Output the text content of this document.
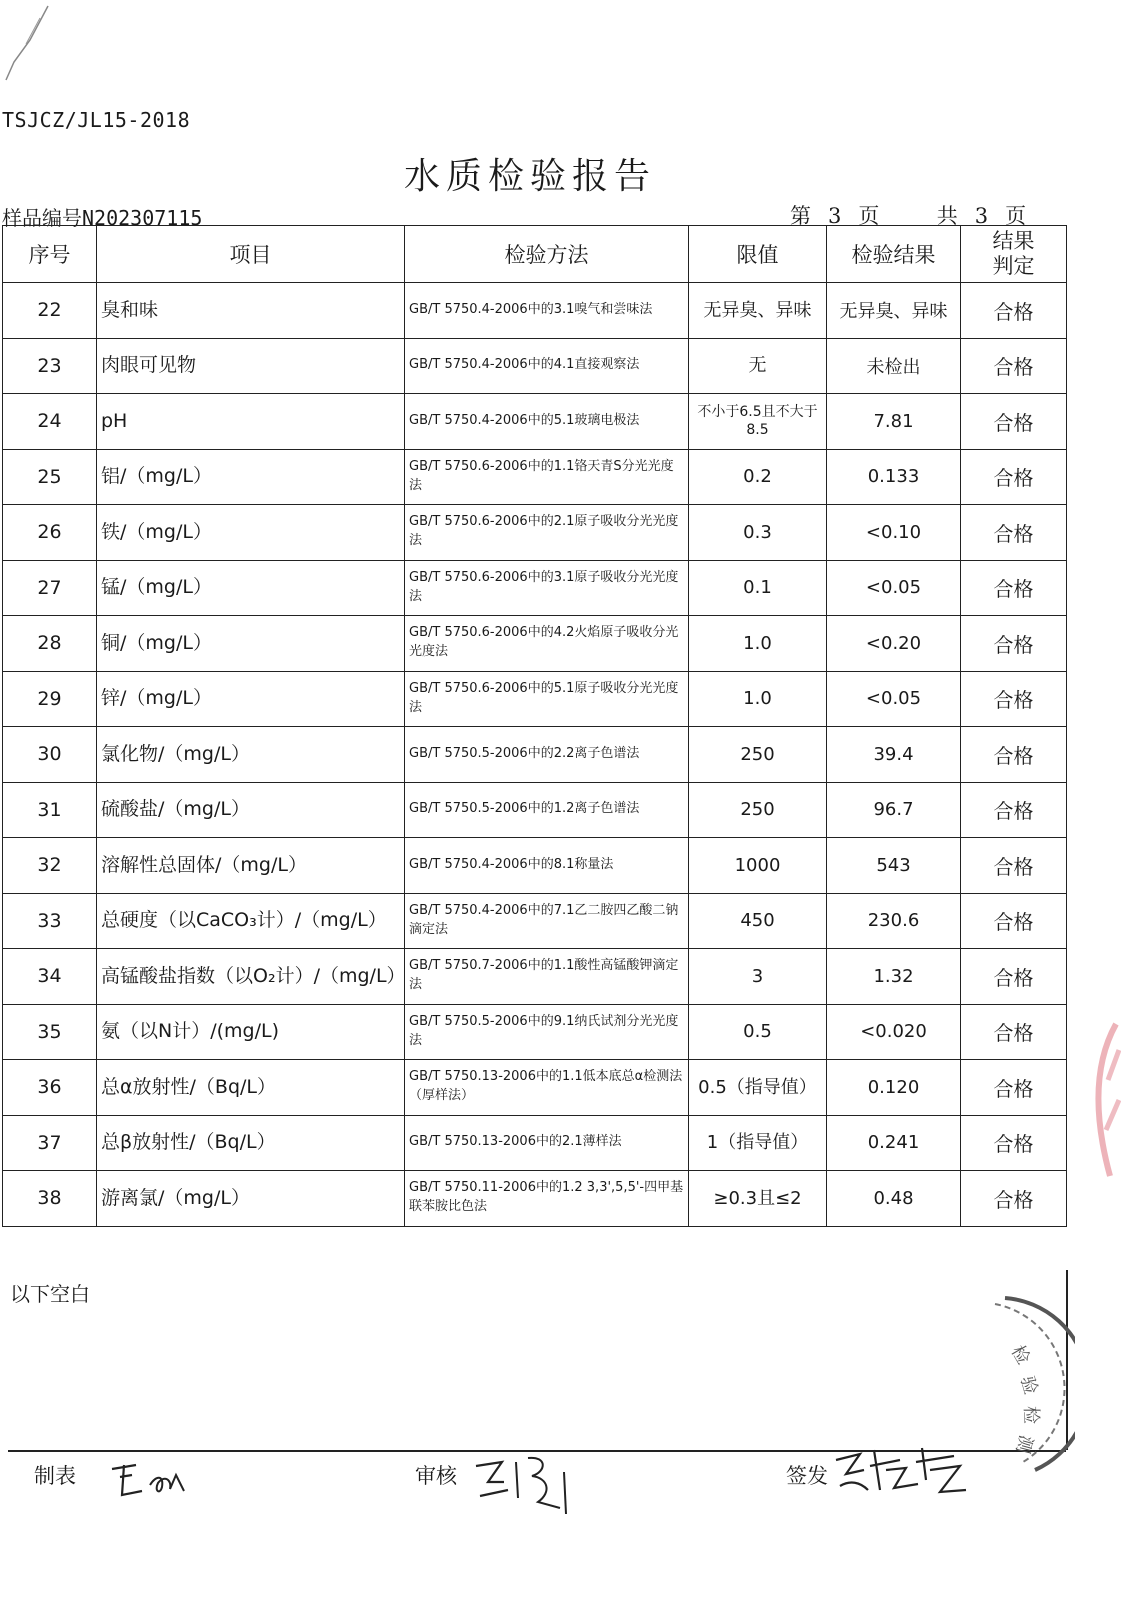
TSJCZ/JL15-2018
水质检验报告
样品编号N202307115	第 3 页	共 3 页
序号	项目	检验方法	限值	检验结果	结果
判定
22	臭和味	GB/T 5750.4-2006中的3.1嗅气和尝味法	无异臭、异味	无异臭、异味	合格
23	肉眼可见物	GB/T 5750.4-2006中的4.1直接观察法	无	未检出	合格
24	pH	GB/T 5750.4-2006中的5.1玻璃电极法	不小于6.5且不大于8.5	7.81	合格
25	铝/（mg/L）	GB/T 5750.6-2006中的1.1铬天青S分光光度法	0.2	0.133	合格
26	铁/（mg/L）	GB/T 5750.6-2006中的2.1原子吸收分光光度法	0.3	<0.10	合格
27	锰/（mg/L）	GB/T 5750.6-2006中的3.1原子吸收分光光度法	0.1	<0.05	合格
28	铜/（mg/L）	GB/T 5750.6-2006中的4.2火焰原子吸收分光光度法	1.0	<0.20	合格
29	锌/（mg/L）	GB/T 5750.6-2006中的5.1原子吸收分光光度法	1.0	<0.05	合格
30	氯化物/（mg/L）	GB/T 5750.5-2006中的2.2离子色谱法	250	39.4	合格
31	硫酸盐/（mg/L）	GB/T 5750.5-2006中的1.2离子色谱法	250	96.7	合格
32	溶解性总固体/（mg/L）	GB/T 5750.4-2006中的8.1称量法	1000	543	合格
33	总硬度（以CaCO₃计）/（mg/L）	GB/T 5750.4-2006中的7.1乙二胺四乙酸二钠滴定法	450	230.6	合格
34	高锰酸盐指数（以O₂计）/（mg/L）	GB/T 5750.7-2006中的1.1酸性高锰酸钾滴定法	3	1.32	合格
35	氨（以N计）/(mg/L)	GB/T 5750.5-2006中的9.1纳氏试剂分光光度法	0.5	<0.020	合格
36	总α放射性/（Bq/L）	GB/T 5750.13-2006中的1.1低本底总α检测法（厚样法）	0.5（指导值）	0.120	合格
37	总β放射性/（Bq/L）	GB/T 5750.13-2006中的2.1薄样法	1（指导值）	0.241	合格
38	游离氯/（mg/L）	GB/T 5750.11-2006中的1.2 3,3',5,5'-四甲基联苯胺比色法	≥0.3且≤2	0.48	合格
以下空白
检
验
检
测
制表	审核	签发
